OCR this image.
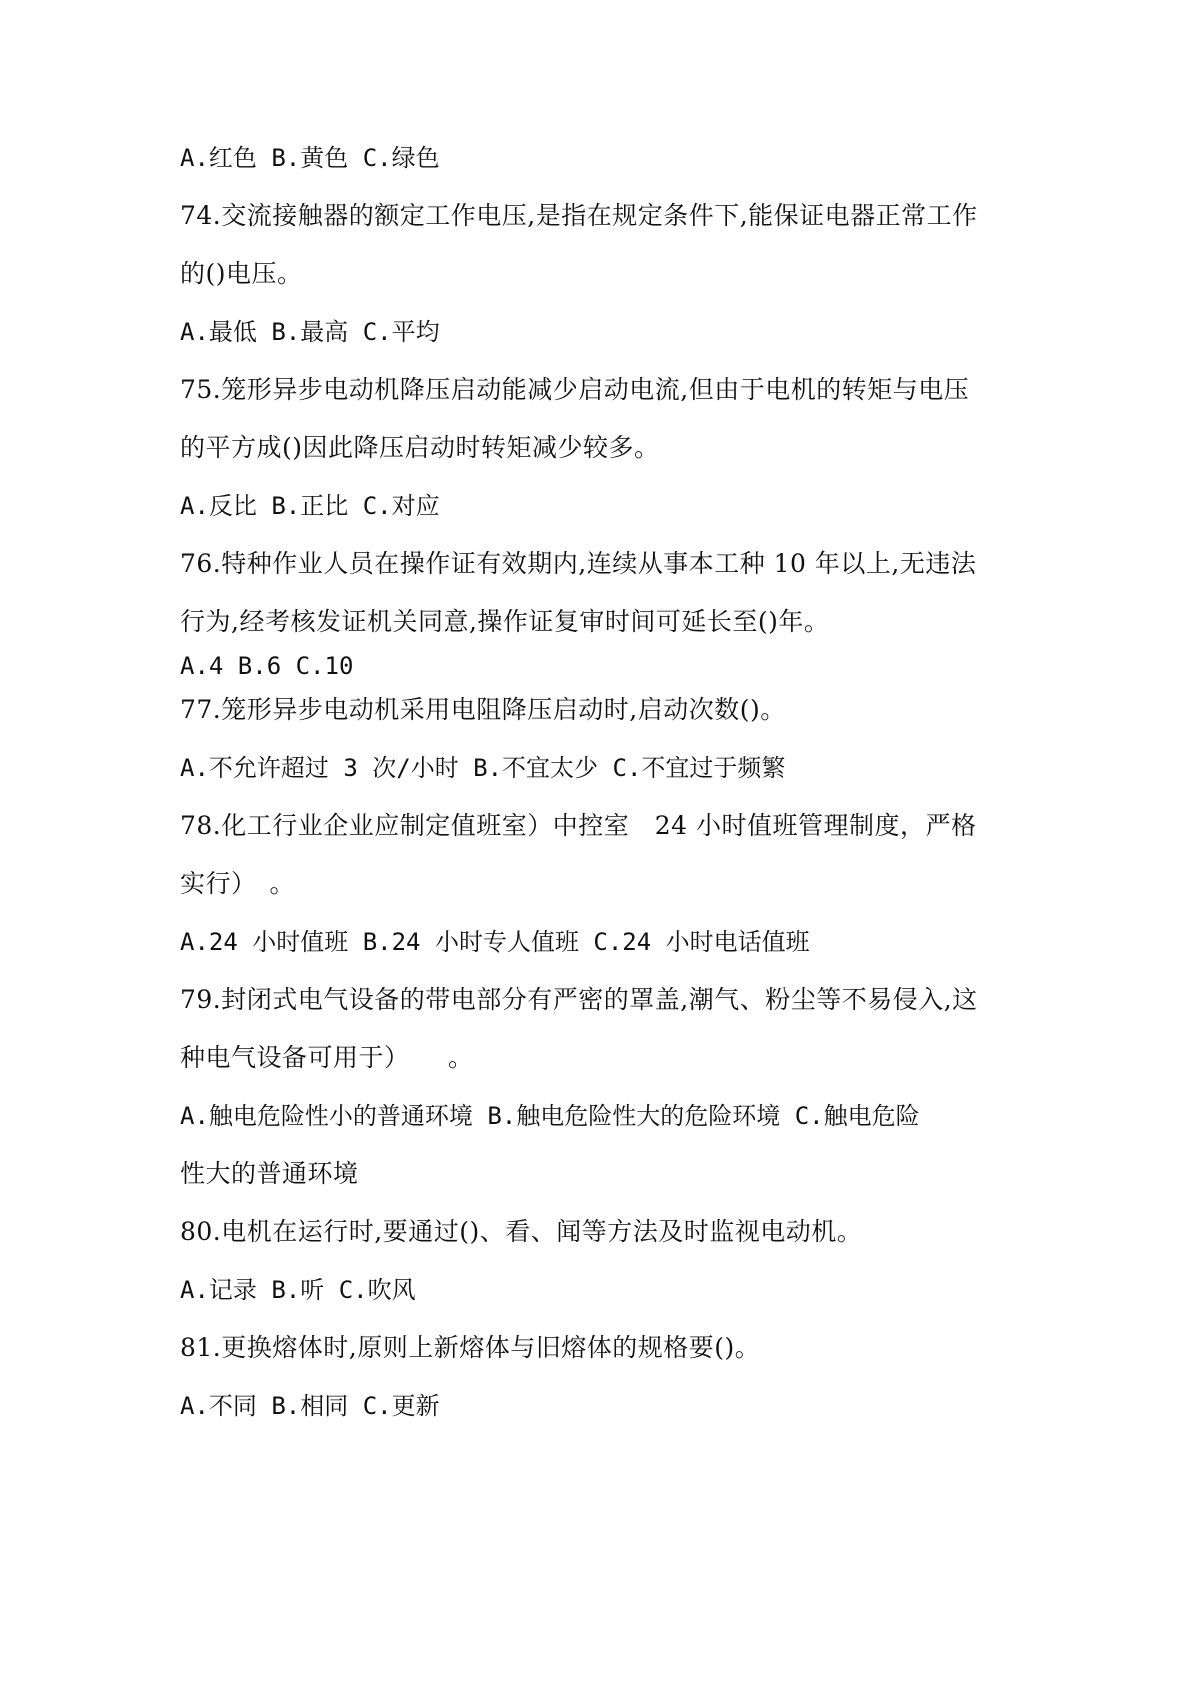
A.红色 B.黄色 C.绿色
74.交流接触器的额定工作电压,是指在规定条件下,能保证电器正常工作
的()电压。
A.最低 B.最高 C.平均
75.笼形异步电动机降压启动能减少启动电流,但由于电机的转矩与电压
的平方成()因此降压启动时转矩减少较多。
A.反比 B.正比 C.对应
76.特种作业人员在操作证有效期内,连续从事本工种 10 年以上,无违法
行为,经考核发证机关同意,操作证复审时间可延长至()年。
A.4 B.6 C.10
77.笼形异步电动机采用电阻降压启动时,启动次数()。
A.不允许超过 3 次/小时 B.不宜太少 C.不宜过于频繁
78.化工行业企业应制定值班室）中控室　24 小时值班管理制度，严格
实行）　。
A.24 小时值班 B.24 小时专人值班 C.24 小时电话值班
79.封闭式电气设备的带电部分有严密的罩盖,潮气、粉尘等不易侵入,这
种电气设备可用于）　　。
A.触电危险性小的普通环境 B.触电危险性大的危险环境 C.触电危险
性大的普通环境
80.电机在运行时,要通过()、看、闻等方法及时监视电动机。
A.记录 B.听 C.吹风
81.更换熔体时,原则上新熔体与旧熔体的规格要()。
A.不同 B.相同 C.更新
